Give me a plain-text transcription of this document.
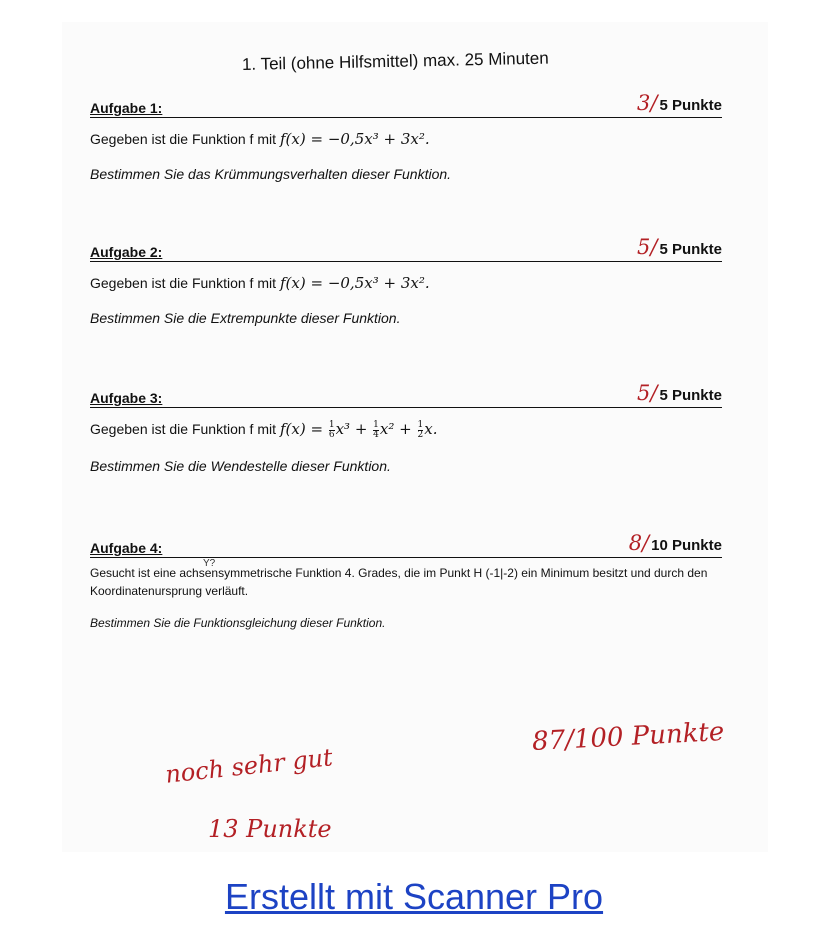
1. Teil (ohne Hilfsmittel) max. 25 Minuten
Aufgabe 1:	3/ 5 Punkte
Gegeben ist die Funktion f mit f(x) = −0,5x³ + 3x².
Bestimmen Sie das Krümmungsverhalten dieser Funktion.
Aufgabe 2:	5/ 5 Punkte
Gegeben ist die Funktion f mit f(x) = −0,5x³ + 3x².
Bestimmen Sie die Extrempunkte dieser Funktion.
Aufgabe 3:	5/ 5 Punkte
Gegeben ist die Funktion f mit $f(x) = \frac{1}{6} x^3 + \frac{1}{4} x^2 + \frac{1}{2} x$.
Bestimmen Sie die Wendestelle dieser Funktion.
Aufgabe 4:	8/ 10 Punkte
Gesucht ist eine achsensymmetrische Funktion 4. Grades, die im Punkt H (-1|-2) ein Minimum besitzt und durch den Koordinatenursprung verläuft.
Bestimmen Sie die Funktionsgleichung dieser Funktion.
Y?
87/100 Punkte
noch sehr gut
13 Punkte
Erstellt mit Scanner Pro
